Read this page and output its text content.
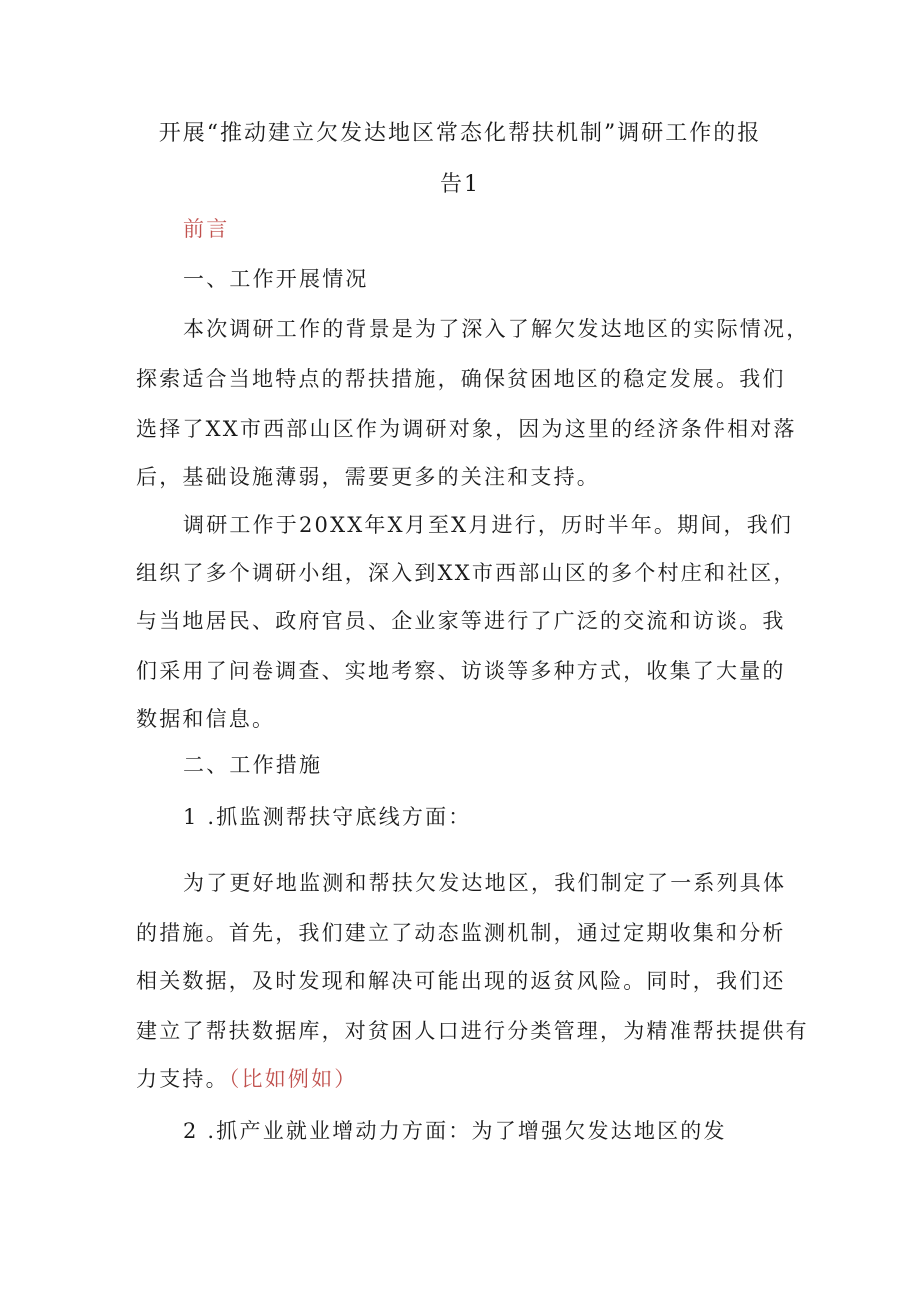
开展“推动建立欠发达地区常态化帮扶机制”调研工作的报
告1

前言

一、工作开展情况

本次调研工作的背景是为了深入了解欠发达地区的实际情况，

探索适合当地特点的帮扶措施，确保贫困地区的稳定发展。我们

选择了XX市西部山区作为调研对象，因为这里的经济条件相对落

后，基础设施薄弱，需要更多的关注和支持。

调研工作于20XX年X月至X月进行，历时半年。期间，我们

组织了多个调研小组，深入到XX市西部山区的多个村庄和社区，

与当地居民、政府官员、企业家等进行了广泛的交流和访谈。我

们采用了问卷调查、实地考察、访谈等多种方式，收集了大量的

数据和信息。

二、工作措施

1 .抓监测帮扶守底线方面：

为了更好地监测和帮扶欠发达地区，我们制定了一系列具体

的措施。首先，我们建立了动态监测机制，通过定期收集和分析

相关数据，及时发现和解决可能出现的返贫风险。同时，我们还

建立了帮扶数据库，对贫困人口进行分类管理，为精准帮扶提供有

力支持。（比如例如）

2 .抓产业就业增动力方面：为了增强欠发达地区的发
